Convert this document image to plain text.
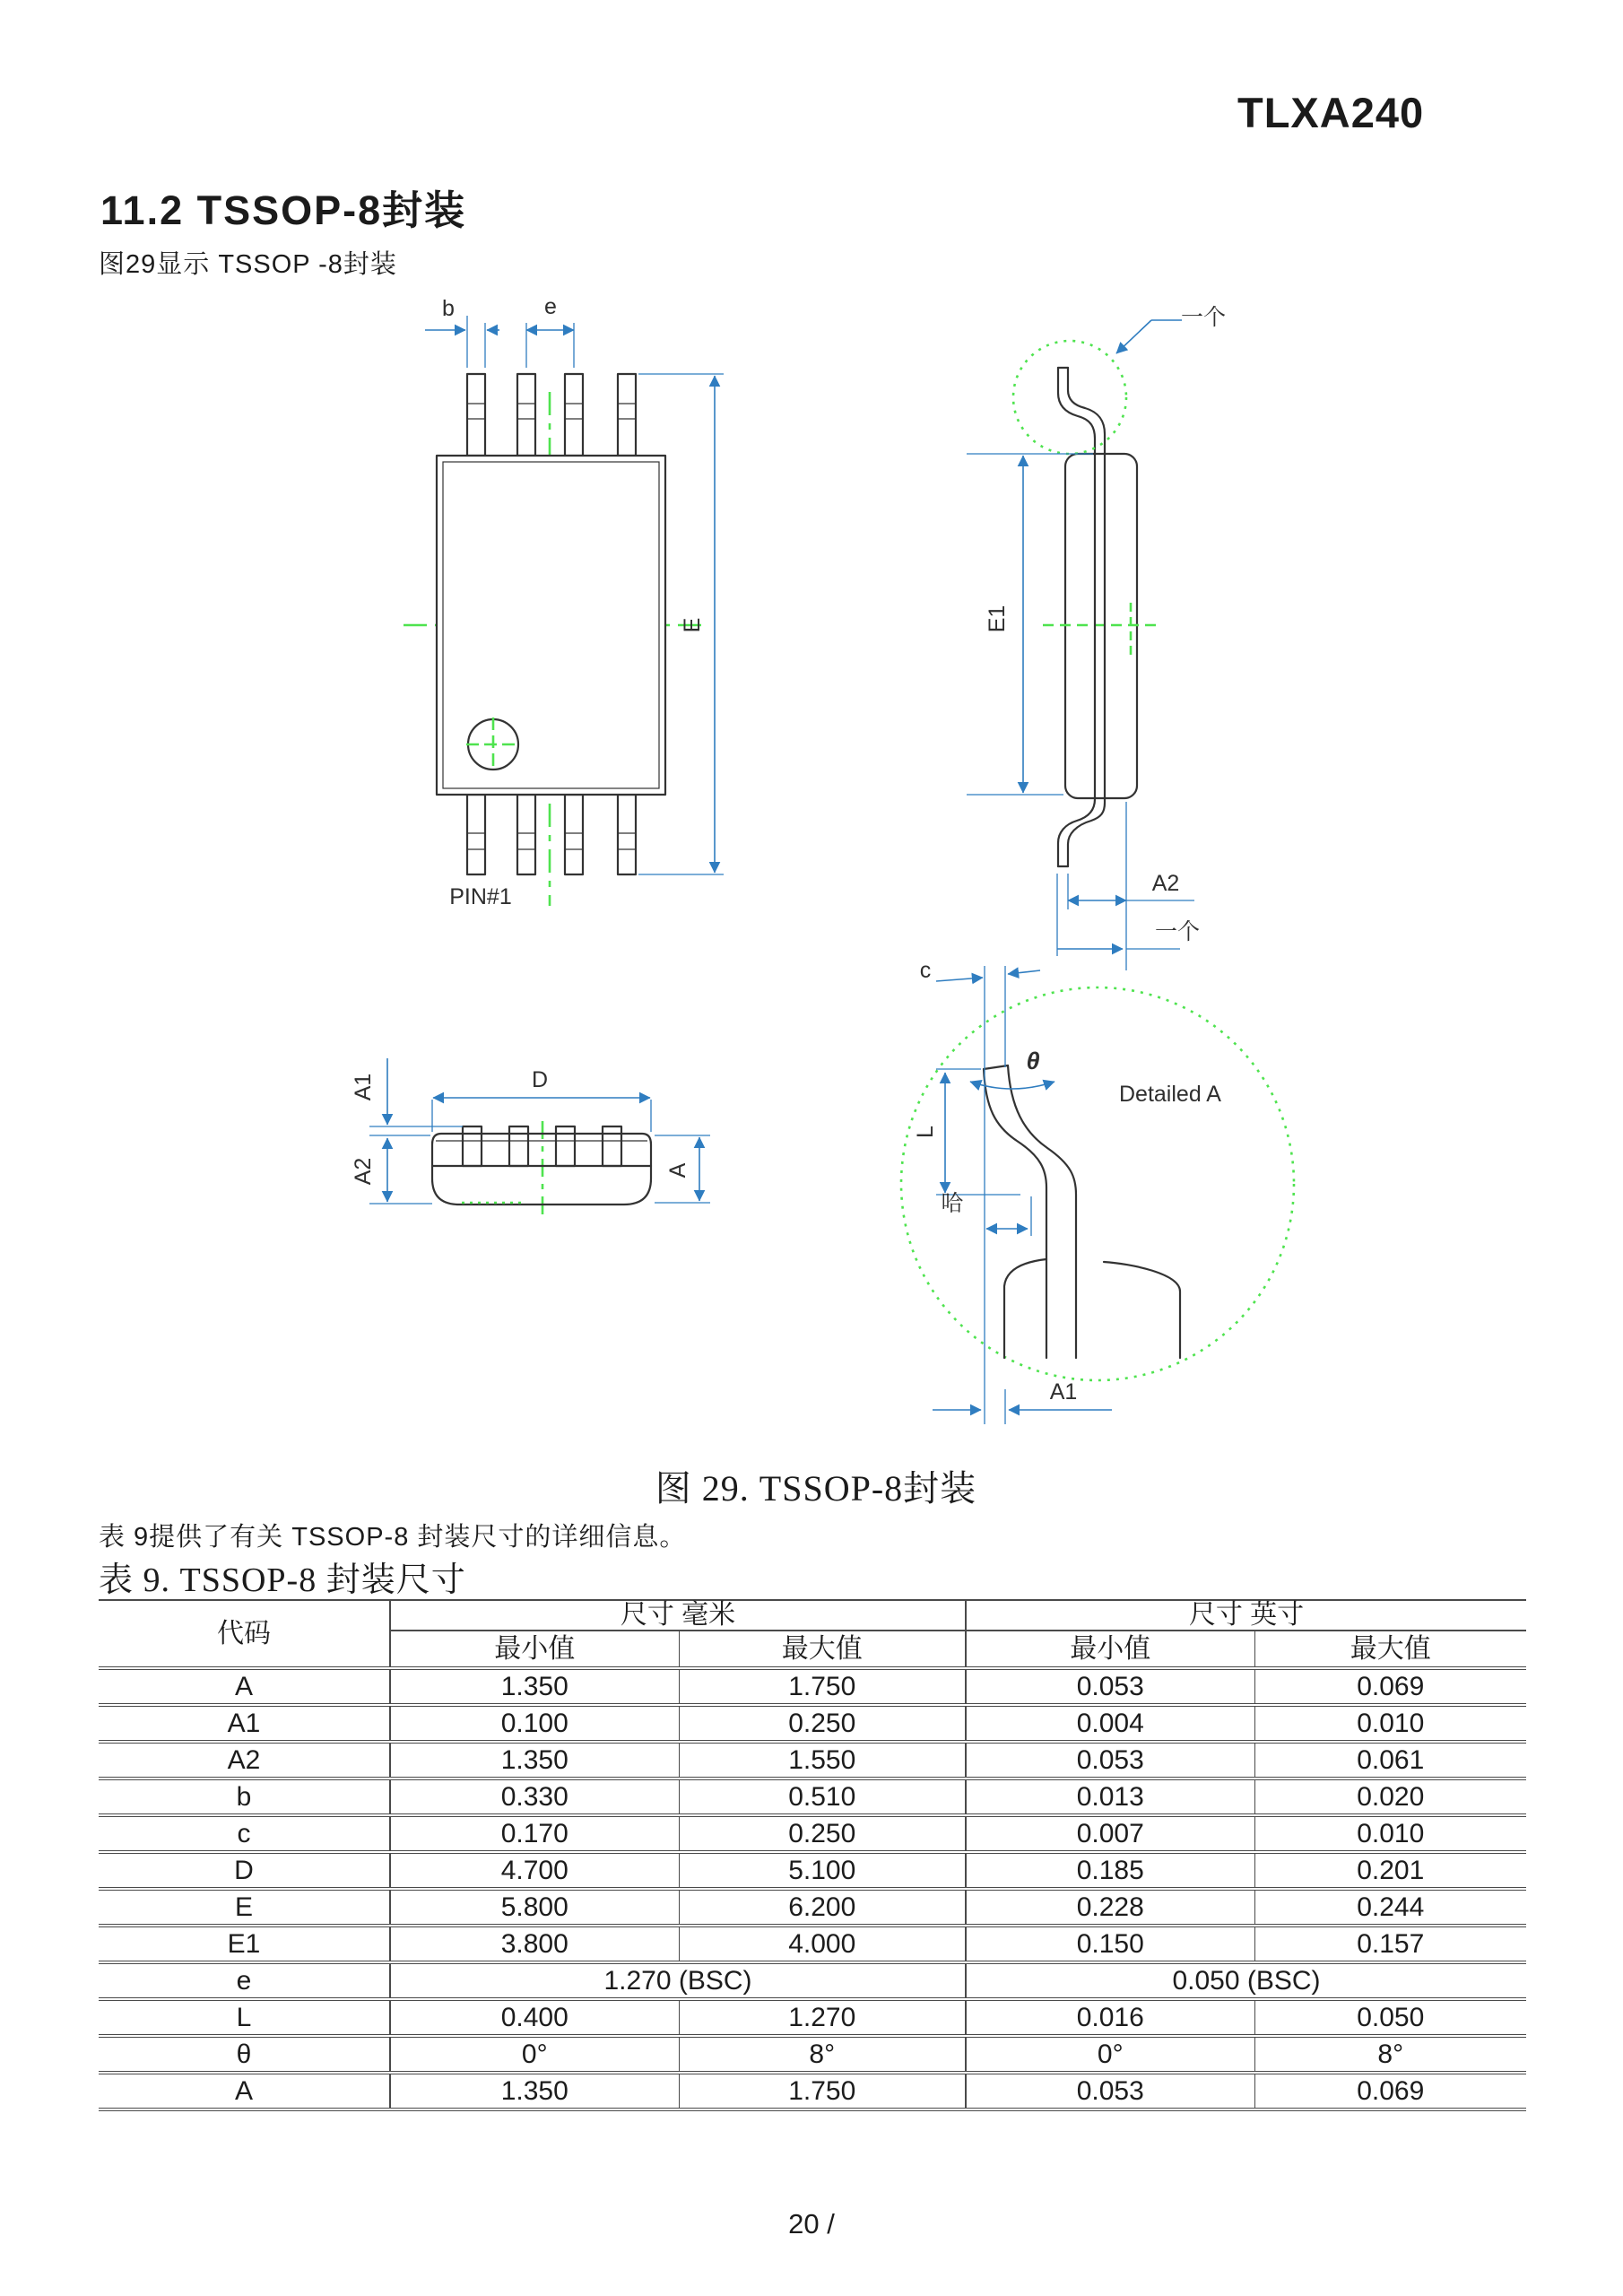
TLXA240
11.2 TSSOP-8封装
图29显示 TSSOP -8封装
b	e
E
PIN#1
一个
E1
A2
一个
D
A1
A2	A
c
θ
Detailed A
L
哈
A1
图 29. TSSOP-8封装
表 9提供了有关 TSSOP-8 封装尺寸的详细信息。
表 9. TSSOP-8 封装尺寸
代码	尺寸 毫米		尺寸 英寸	
	最小值	最大值	最小值	最大值
A	1.350	1.750	0.053	0.069
A1	0.100	0.250	0.004	0.010
A2	1.350	1.550	0.053	0.061
b	0.330	0.510	0.013	0.020
c	0.170	0.250	0.007	0.010
D	4.700	5.100	0.185	0.201
E	5.800	6.200	0.228	0.244
E1	3.800	4.000	0.150	0.157
e	1.270 (BSC)		0.050 (BSC)	
L	0.400	1.270	0.016	0.050
θ	0°	8°	0°	8°
A	1.350	1.750	0.053	0.069
20 /
